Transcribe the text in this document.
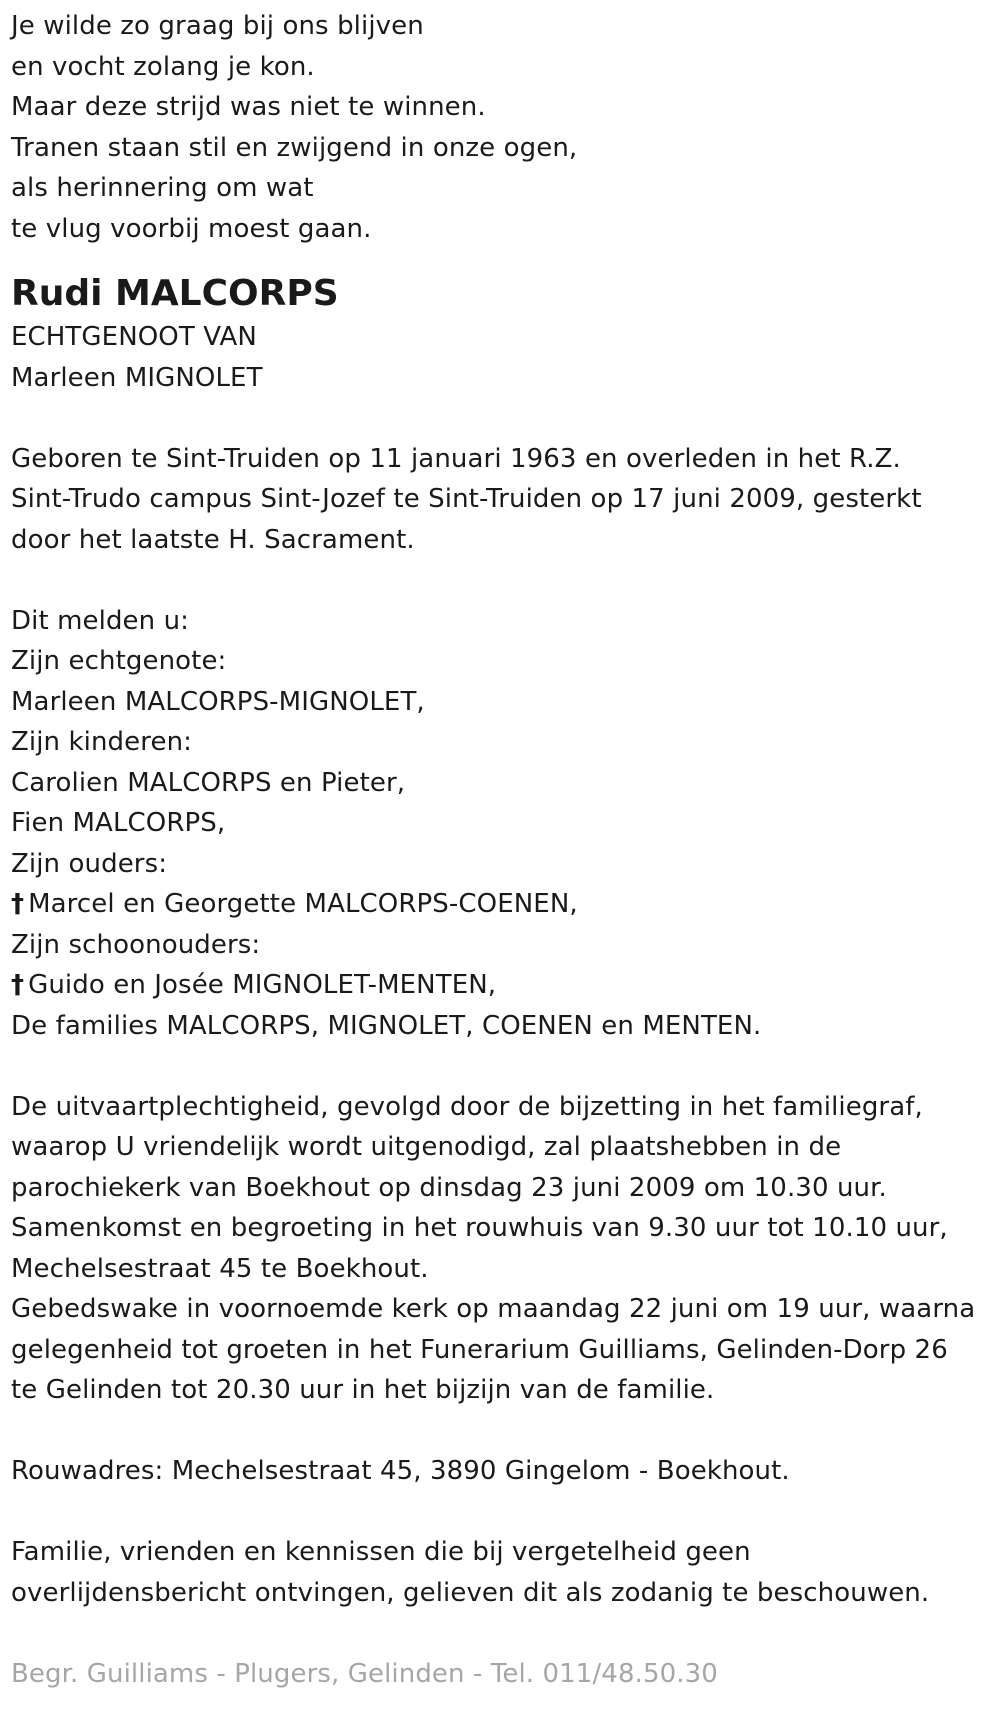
Je wilde zo graag bij ons blijven
en vocht zolang je kon.
Maar deze strijd was niet te winnen.
Tranen staan stil en zwijgend in onze ogen,
als herinnering om wat
te vlug voorbij moest gaan.
Rudi MALCORPS
ECHTGENOOT VAN
Marleen MIGNOLET
Geboren te Sint-Truiden op 11 januari 1963 en overleden in het R.Z.
Sint-Trudo campus Sint-Jozef te Sint-Truiden op 17 juni 2009, gesterkt
door het laatste H. Sacrament.
Dit melden u:
Zijn echtgenote:
Marleen MALCORPS-MIGNOLET,
Zijn kinderen:
Carolien MALCORPS en Pieter,
Fien MALCORPS,
Zijn ouders:
† Marcel en Georgette MALCORPS-COENEN,
Zijn schoonouders:
† Guido en Josée MIGNOLET-MENTEN,
De families MALCORPS, MIGNOLET, COENEN en MENTEN.
De uitvaartplechtigheid, gevolgd door de bijzetting in het familiegraf,
waarop U vriendelijk wordt uitgenodigd, zal plaatshebben in de
parochiekerk van Boekhout op dinsdag 23 juni 2009 om 10.30 uur.
Samenkomst en begroeting in het rouwhuis van 9.30 uur tot 10.10 uur,
Mechelsestraat 45 te Boekhout.
Gebedswake in voornoemde kerk op maandag 22 juni om 19 uur, waarna
gelegenheid tot groeten in het Funerarium Guilliams, Gelinden-Dorp 26
te Gelinden tot 20.30 uur in het bijzijn van de familie.
Rouwadres: Mechelsestraat 45, 3890 Gingelom - Boekhout.
Familie, vrienden en kennissen die bij vergetelheid geen
overlijdensbericht ontvingen, gelieven dit als zodanig te beschouwen.
Begr. Guilliams - Plugers, Gelinden - Tel. 011/48.50.30
